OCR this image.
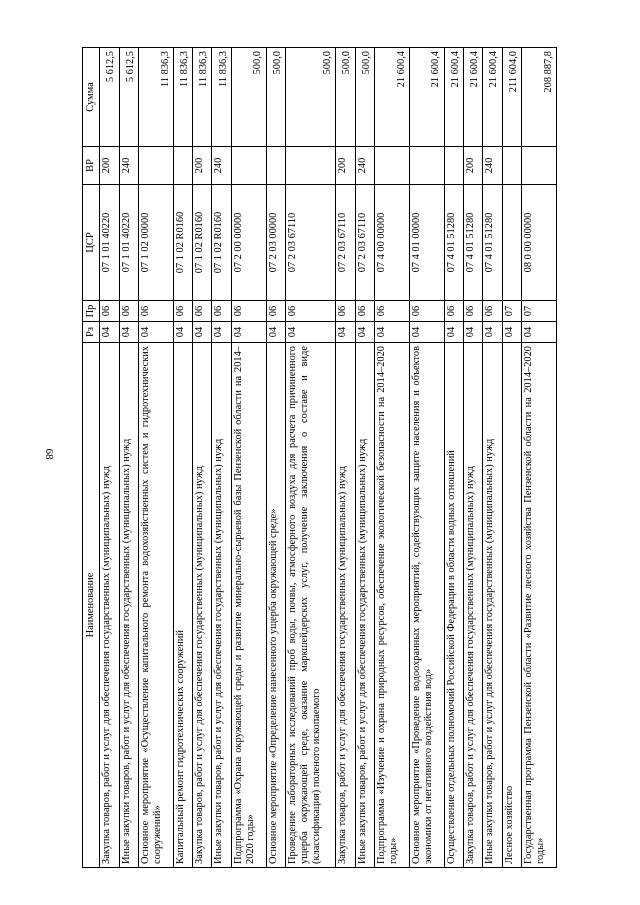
68
Наименование	Рз	Пр	ЦСР	ВР	Сумма
Закупка товаров, работ и услуг для обеспечения государственных (муниципальных) нужд	04	06	07 1 01 40220	200	5 612,5
Иные закупки товаров, работ и услуг для обеспечения государственных (муниципальных) нужд	04	06	07 1 01 40220	240	5 612,5
Основное мероприятие «Осуществление капитального ремонта водохозяйственных систем и гидротехнических сооружений»	04	06	07 1 02 00000		11 836,3
Капитальный ремонт гидротехнических сооружений	04	06	07 1 02 R0160		11 836,3
Закупка товаров, работ и услуг для обеспечения государственных (муниципальных) нужд	04	06	07 1 02 R0160	200	11 836,3
Иные закупки товаров, работ и услуг для обеспечения государственных (муниципальных) нужд	04	06	07 1 02 R0160	240	11 836,3
Подпрограмма «Охрана окружающей среды и развитие минерально-сырьевой базы Пензенской области на 2014–2020 годы»	04	06	07 2 00 00000		500,0
Основное мероприятие «Определение нанесенного ущерба окружающей среде»	04	06	07 2 03 00000		500,0
Проведение лабораторных исследований проб воды, почвы, атмосферного воздуха для расчета причиненного ущерба окружающей среде, оказание маркшейдерских услуг, получение заключения о составе и виде (классификация) поленого ископаемого	04	06	07 2 03 67110		500,0
Закупка товаров, работ и услуг для обеспечения государственных (муниципальных) нужд	04	06	07 2 03 67110	200	500,0
Иные закупки товаров, работ и услуг для обеспечения государственных (муниципальных) нужд	04	06	07 2 03 67110	240	500,0
Подпрограмма «Изучение и охрана природных ресурсов, обеспечение экологической безопасности на 2014–2020 годы»	04	06	07 4 00 00000		21 600,4
Основное мероприятие «Проведение водоохранных мероприятий, содействующих защите населения и объектов экономики от негативного воздействия вод»	04	06	07 4 01 00000		21 600,4
Осуществление отдельных полномочий Российской Федерации в области водных отношений	04	06	07 4 01 51280		21 600,4
Закупка товаров, работ и услуг для обеспечения государственных (муниципальных) нужд	04	06	07 4 01 51280	200	21 600,4
Иные закупки товаров, работ и услуг для обеспечения государственных (муниципальных) нужд	04	06	07 4 01 51280	240	21 600,4
Лесное хозяйство	04	07			211 604,0
Государственная программа Пензенской области «Развитие лесного хозяйства Пензенской области на 2014–2020 годы»	04	07	08 0 00 00000		208 887,8
